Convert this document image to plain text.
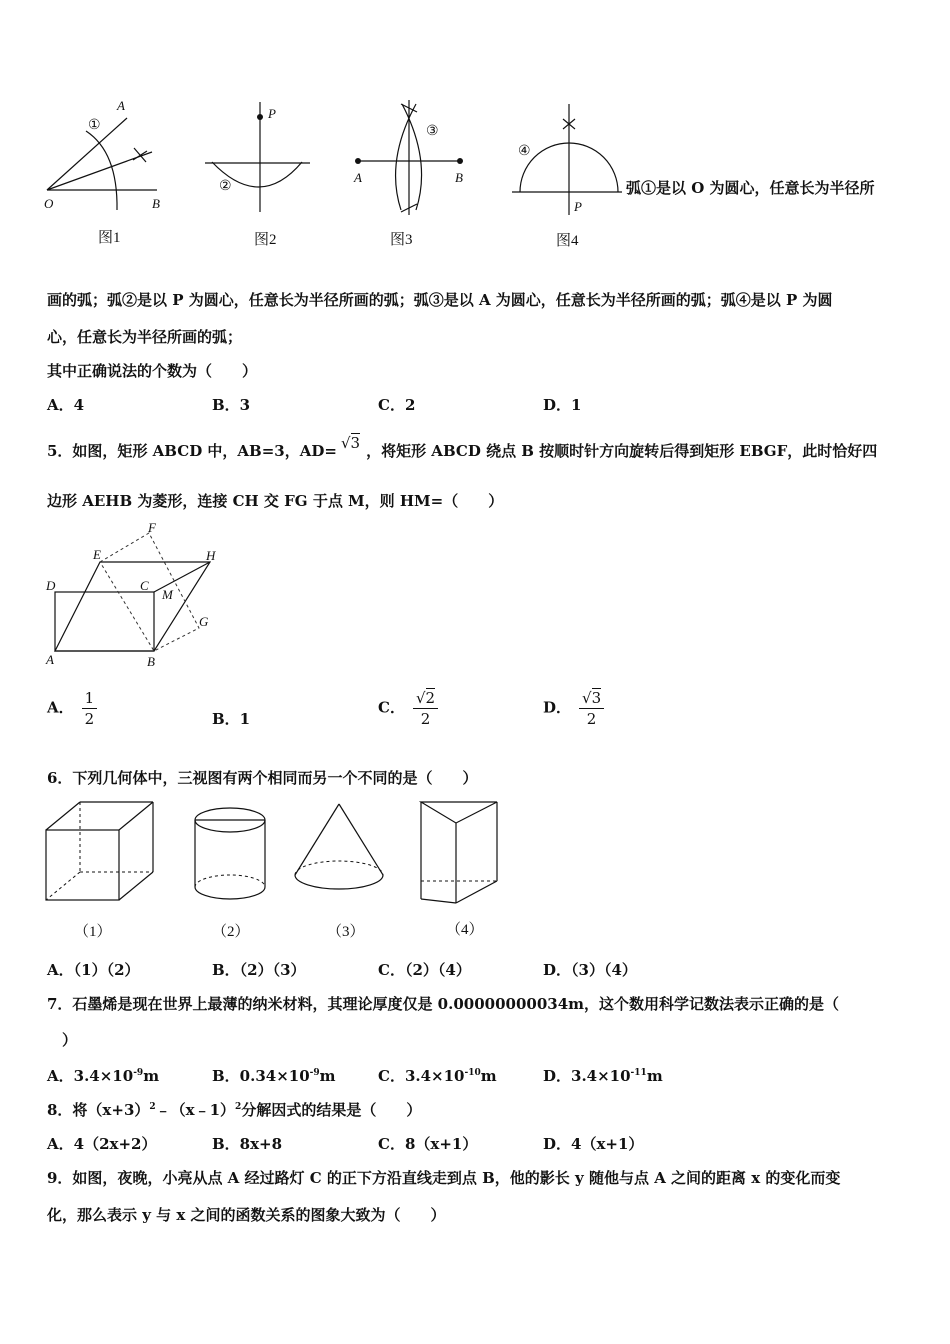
A
O	B
①
图1
P
②
图2
A	B
③
图3
P
④
图4
弧①是以 O 为圆心，任意长为半径所
画的弧；弧②是以 P 为圆心，任意长为半径所画的弧；弧③是以 A 为圆心，任意长为半径所画的弧；弧④是以 P 为圆
心，任意长为半径所画的弧；
其中正确说法的个数为（　　）
A．4	B．3	C．2	D．1
5．如图，矩形 ABCD 中，AB=3，AD= √3 ，将矩形 ABCD 绕点 B 按顺时针方向旋转后得到矩形 EBGF，此时恰好四
边形 AEHB 为菱形，连接 CH 交 FG 于点 M，则 HM=（　　）
F
E	H
D	C
M
G
A	B
A． $\frac{1}{2}$	B．1
C． $\frac{√2}{2}$	D． $\frac{√3}{2}$
6．下列几何体中，三视图有两个相同而另一个不同的是（　　）
（1）	（2）	（3）	（4）
A．（1）（2）	B．（2）（3）	C．（2）（4）	D．（3）（4）
7．石墨烯是现在世界上最薄的纳米材料，其理论厚度仅是 0.00000000034m，这个数用科学记数法表示正确的是（
）
A．$3.4\times 10^{-9}m$	B．$0.34\times 10^{-9}m$	C．$3.4\times 10^{-10}m$	D．$3.4\times 10^{-11}m$
8．将$(x+3)^2﹣(x﹣1)^2$分解因式的结果是（　　）
A．4（2x+2）	B．8x+8	C．8（x+1）	D．4（x+1）
9．如图，夜晚，小亮从点 A 经过路灯 C 的正下方沿直线走到点 B，他的影长 y 随他与点 A 之间的距离 x 的变化而变
化，那么表示 y 与 x 之间的函数关系的图象大致为（　　）
